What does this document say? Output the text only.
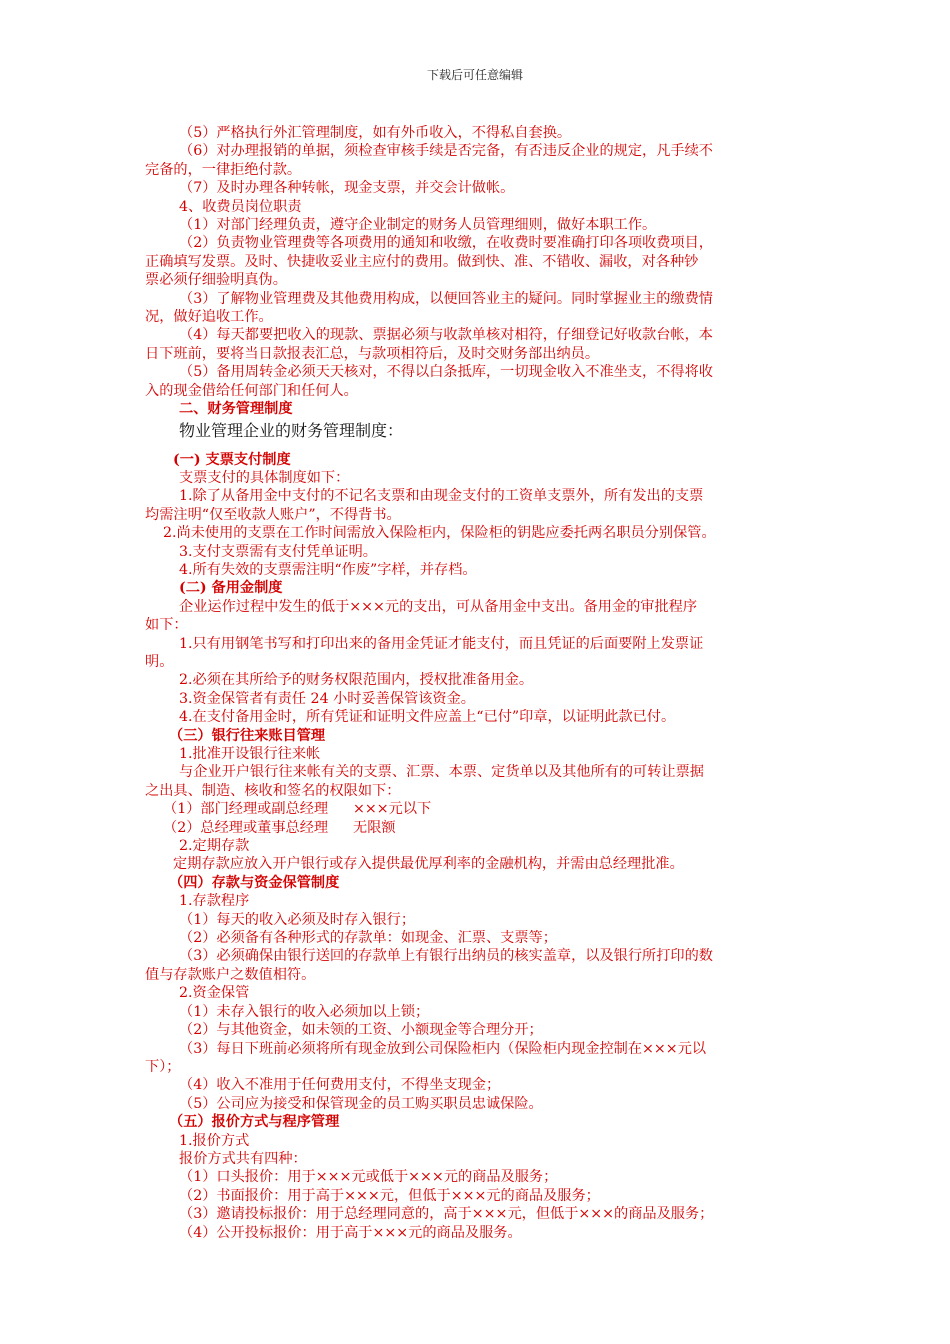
下载后可任意编辑
（5）严格执行外汇管理制度，如有外币收入，不得私自套换。
（6）对办理报销的单据，须检查审核手续是否完备，有否违反企业的规定，凡手续不
完备的，一律拒绝付款。
（7）及时办理各种转帐，现金支票，并交会计做帐。
4、收费员岗位职责
（1）对部门经理负责，遵守企业制定的财务人员管理细则，做好本职工作。
（2）负责物业管理费等各项费用的通知和收缴，在收费时要准确打印各项收费项目，
正确填写发票。及时、快捷收妥业主应付的费用。做到快、准、不错收、漏收，对各种钞
票必须仔细验明真伪。
（3）了解物业管理费及其他费用构成，以便回答业主的疑问。同时掌握业主的缴费情
况，做好追收工作。
（4）每天都要把收入的现款、票据必须与收款单核对相符，仔细登记好收款台帐，本
日下班前，要将当日款报表汇总，与款项相符后，及时交财务部出纳员。
（5）备用周转金必须天天核对，不得以白条抵库，一切现金收入不准坐支，不得将收
入的现金借给任何部门和任何人。
二、财务管理制度
物业管理企业的财务管理制度：
(一) 支票支付制度
支票支付的具体制度如下：
1.除了从备用金中支付的不记名支票和由现金支付的工资单支票外，所有发出的支票
均需注明“仅至收款人账户”，不得背书。
2.尚未使用的支票在工作时间需放入保险柜内，保险柜的钥匙应委托两名职员分别保管。
3.支付支票需有支付凭单证明。
4.所有失效的支票需注明“作废”字样，并存档。
(二) 备用金制度
企业运作过程中发生的低于×××元的支出，可从备用金中支出。备用金的审批程序
如下：
1.只有用钢笔书写和打印出来的备用金凭证才能支付，而且凭证的后面要附上发票证
明。
2.必须在其所给予的财务权限范围内，授权批准备用金。
3.资金保管者有责任 24 小时妥善保管该资金。
4.在支付备用金时，所有凭证和证明文件应盖上“已付”印章，以证明此款已付。
（三）银行往来账目管理
1.批准开设银行往来帐
与企业开户银行往来帐有关的支票、汇票、本票、定货单以及其他所有的可转让票据
之出具、制造、核收和签名的权限如下：
（1）部门经理或副总经理 ×××元以下
（2）总经理或董事总经理 无限额
2.定期存款
定期存款应放入开户银行或存入提供最优厚利率的金融机构，并需由总经理批准。
（四）存款与资金保管制度
1.存款程序
（1）每天的收入必须及时存入银行；
（2）必须备有各种形式的存款单：如现金、汇票、支票等；
（3）必须确保由银行送回的存款单上有银行出纳员的核实盖章，以及银行所打印的数
值与存款账户之数值相符。
2.资金保管
（1）未存入银行的收入必须加以上锁；
（2）与其他资金，如未领的工资、小额现金等合理分开；
（3）每日下班前必须将所有现金放到公司保险柜内（保险柜内现金控制在×××元以
下）；
（4）收入不准用于任何费用支付，不得坐支现金；
（5）公司应为接受和保管现金的员工购买职员忠诚保险。
（五）报价方式与程序管理
1.报价方式
报价方式共有四种：
（1）口头报价：用于×××元或低于×××元的商品及服务；
（2）书面报价：用于高于×××元，但低于×××元的商品及服务；
（3）邀请投标报价：用于总经理同意的，高于×××元，但低于×××的商品及服务；
（4）公开投标报价：用于高于×××元的商品及服务。
